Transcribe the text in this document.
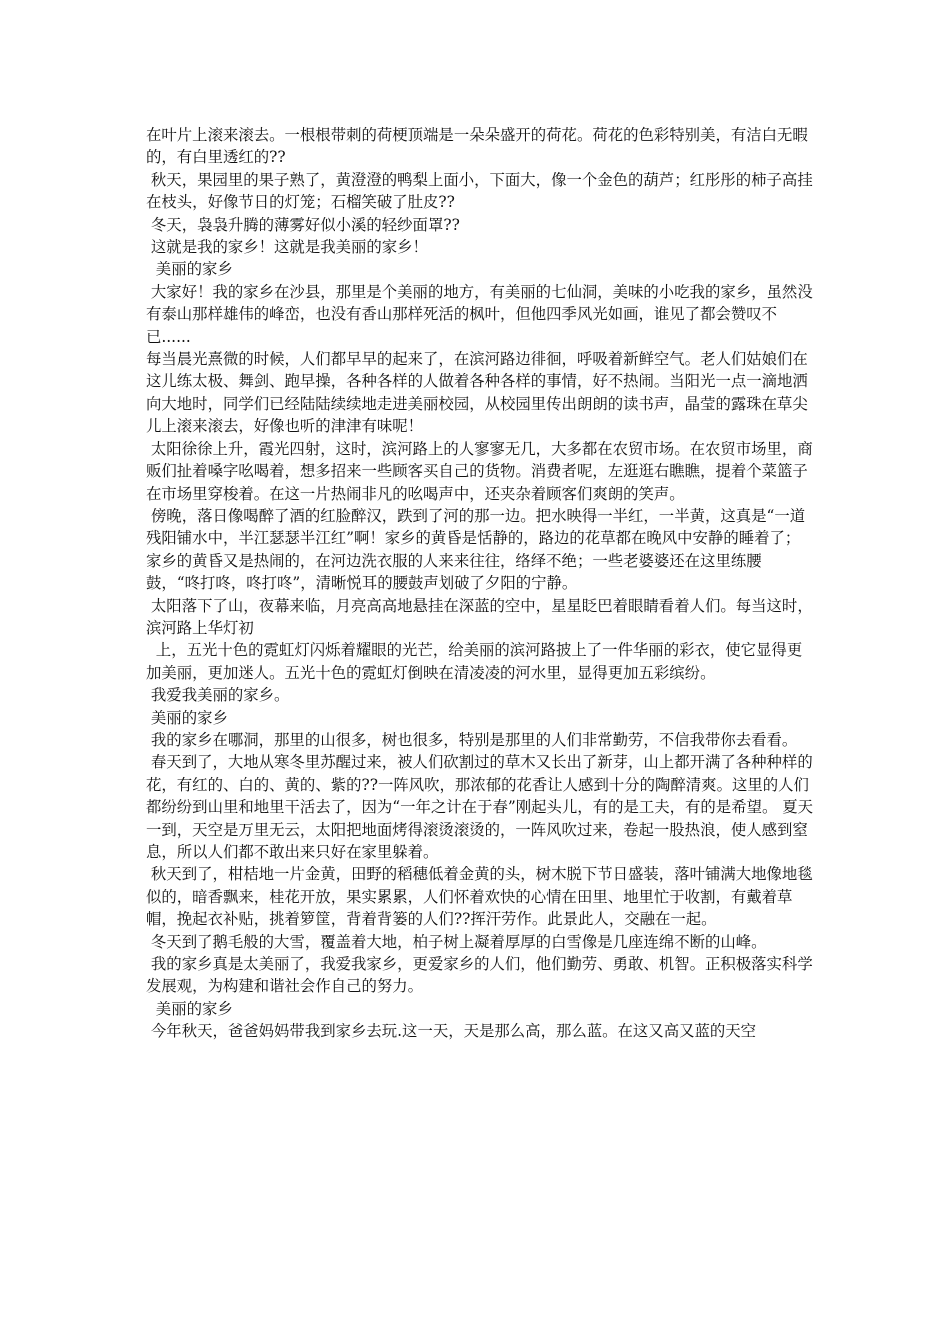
在叶片上滚来滚去。一根根带刺的荷梗顶端是一朵朵盛开的荷花。荷花的色彩特别美，有洁白无暇的，有白里透红的??

秋天，果园里的果子熟了，黄澄澄的鸭梨上面小，下面大，像一个金色的葫芦；红彤彤的柿子高挂在枝头，好像节日的灯笼；石榴笑破了肚皮??

冬天，袅袅升腾的薄雾好似小溪的轻纱面罩??

这就是我的家乡！这就是我美丽的家乡！

美丽的家乡

大家好！我的家乡在沙县，那里是个美丽的地方，有美丽的七仙洞，美味的小吃我的家乡，虽然没有泰山那样雄伟的峰峦，也没有香山那样死活的枫叶，但他四季风光如画，谁见了都会赞叹不已......

每当晨光熹微的时候，人们都早早的起来了，在滨河路边徘徊，呼吸着新鲜空气。老人们姑娘们在这儿练太极、舞剑、跑早操，各种各样的人做着各种各样的事情，好不热闹。当阳光一点一滴地洒向大地时，同学们已经陆陆续续地走进美丽校园，从校园里传出朗朗的读书声，晶莹的露珠在草尖儿上滚来滚去，好像也听的津津有味呢！

太阳徐徐上升，霞光四射，这时，滨河路上的人寥寥无几，大多都在农贸市场。在农贸市场里，商贩们扯着嗓字吆喝着，想多招来一些顾客买自己的货物。消费者呢，左逛逛右瞧瞧，提着个菜篮子在市场里穿梭着。在这一片热闹非凡的吆喝声中，还夹杂着顾客们爽朗的笑声。

傍晚，落日像喝醉了酒的红脸醉汉，跌到了河的那一边。把水映得一半红，一半黄，这真是“一道残阳铺水中，半江瑟瑟半江红”啊！家乡的黄昏是恬静的，路边的花草都在晚风中安静的睡着了；家乡的黄昏又是热闹的，在河边洗衣服的人来来往往，络绎不绝；一些老婆婆还在这里练腰鼓，“咚打咚，咚打咚”，清晰悦耳的腰鼓声划破了夕阳的宁静。

太阳落下了山，夜幕来临，月亮高高地悬挂在深蓝的空中，星星眨巴着眼睛看着人们。每当这时，滨河路上华灯初

上，五光十色的霓虹灯闪烁着耀眼的光芒，给美丽的滨河路披上了一件华丽的彩衣，使它显得更加美丽，更加迷人。五光十色的霓虹灯倒映在清凌凌的河水里，显得更加五彩缤纷。

我爱我美丽的家乡。

美丽的家乡

我的家乡在哪洞，那里的山很多，树也很多，特别是那里的人们非常勤劳，不信我带你去看看。

春天到了，大地从寒冬里苏醒过来，被人们砍割过的草木又长出了新芽，山上都开满了各种种样的花，有红的、白的、黄的、紫的??一阵风吹，那浓郁的花香让人感到十分的陶醉清爽。这里的人们都纷纷到山里和地里干活去了，因为“一年之计在于春”刚起头儿，有的是工夫，有的是希望。 夏天一到，天空是万里无云，太阳把地面烤得滚烫滚烫的，一阵风吹过来，卷起一股热浪，使人感到窒息，所以人们都不敢出来只好在家里躲着。

秋天到了，柑桔地一片金黄，田野的稻穗低着金黄的头，树木脱下节日盛装，落叶铺满大地像地毯似的，暗香飘来，桂花开放，果实累累，人们怀着欢快的心情在田里、地里忙于收割，有戴着草帽，挽起衣补贴，挑着箩筐，背着背篓的人们??挥汗劳作。此景此人，交融在一起。

冬天到了鹅毛般的大雪，覆盖着大地，柏子树上凝着厚厚的白雪像是几座连绵不断的山峰。

我的家乡真是太美丽了，我爱我家乡，更爱家乡的人们，他们勤劳、勇敢、机智。正积极落实科学发展观，为构建和谐社会作自己的努力。

美丽的家乡

今年秋天，爸爸妈妈带我到家乡去玩.这一天，天是那么高，那么蓝。在这又高又蓝的天空
